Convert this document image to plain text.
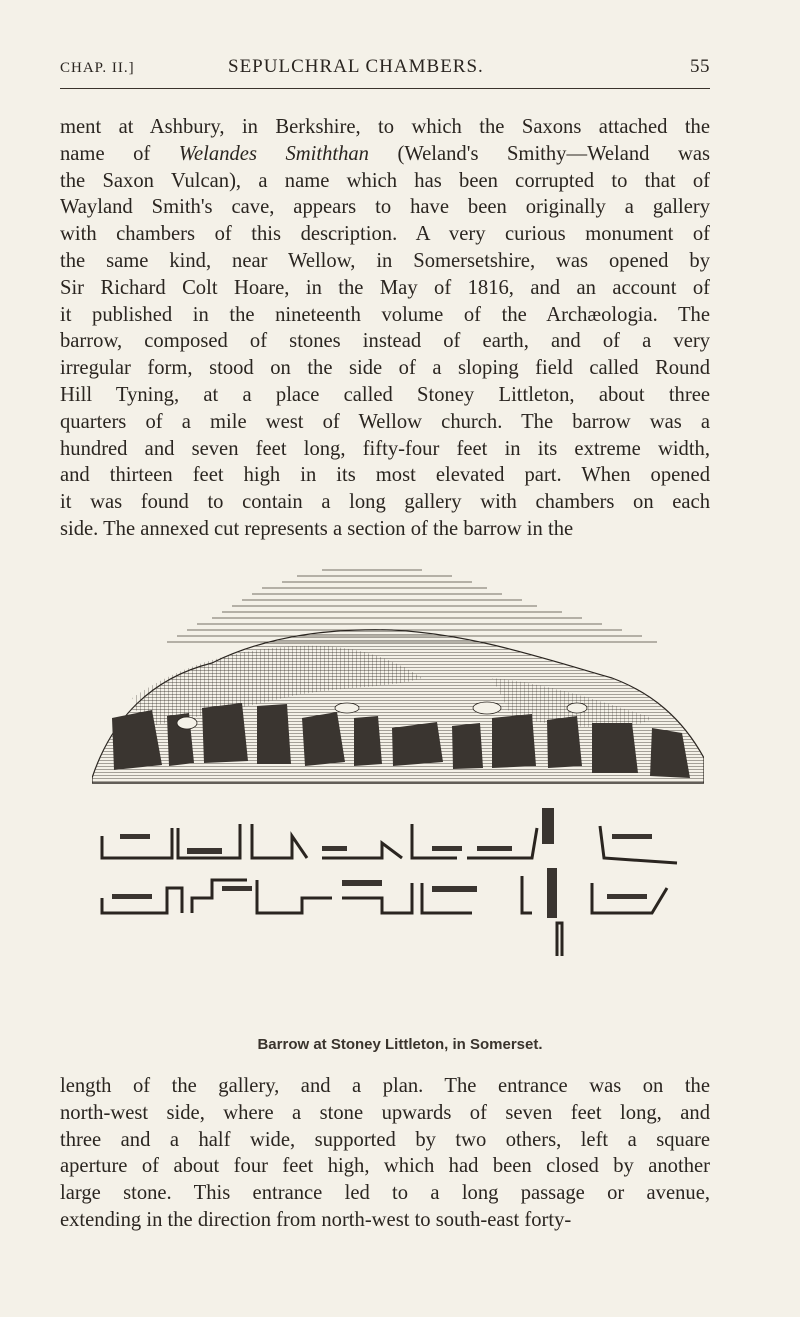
CHAP. II.]	SEPULCHRAL CHAMBERS.	55
ment at Ashbury, in Berkshire, to which the Saxons attached the
name of Welandes Smiththan (Weland's Smithy—Weland was
the Saxon Vulcan), a name which has been corrupted to that of
Wayland Smith's cave, appears to have been originally a gallery
with chambers of this description. A very curious monument of
the same kind, near Wellow, in Somersetshire, was opened by
Sir Richard Colt Hoare, in the May of 1816, and an account of
it published in the nineteenth volume of the Archæologia. The
barrow, composed of stones instead of earth, and of a very
irregular form, stood on the side of a sloping field called Round
Hill Tyning, at a place called Stoney Littleton, about three
quarters of a mile west of Wellow church. The barrow was a
hundred and seven feet long, fifty-four feet in its extreme width,
and thirteen feet high in its most elevated part. When opened
it was found to contain a long gallery with chambers on each
side. The annexed cut represents a section of the barrow in the
Barrow at Stoney Littleton, in Somerset.
length of the gallery, and a plan. The entrance was on the
north-west side, where a stone upwards of seven feet long, and
three and a half wide, supported by two others, left a square
aperture of about four feet high, which had been closed by another
large stone. This entrance led to a long passage or avenue,
extending in the direction from north-west to south-east forty-
